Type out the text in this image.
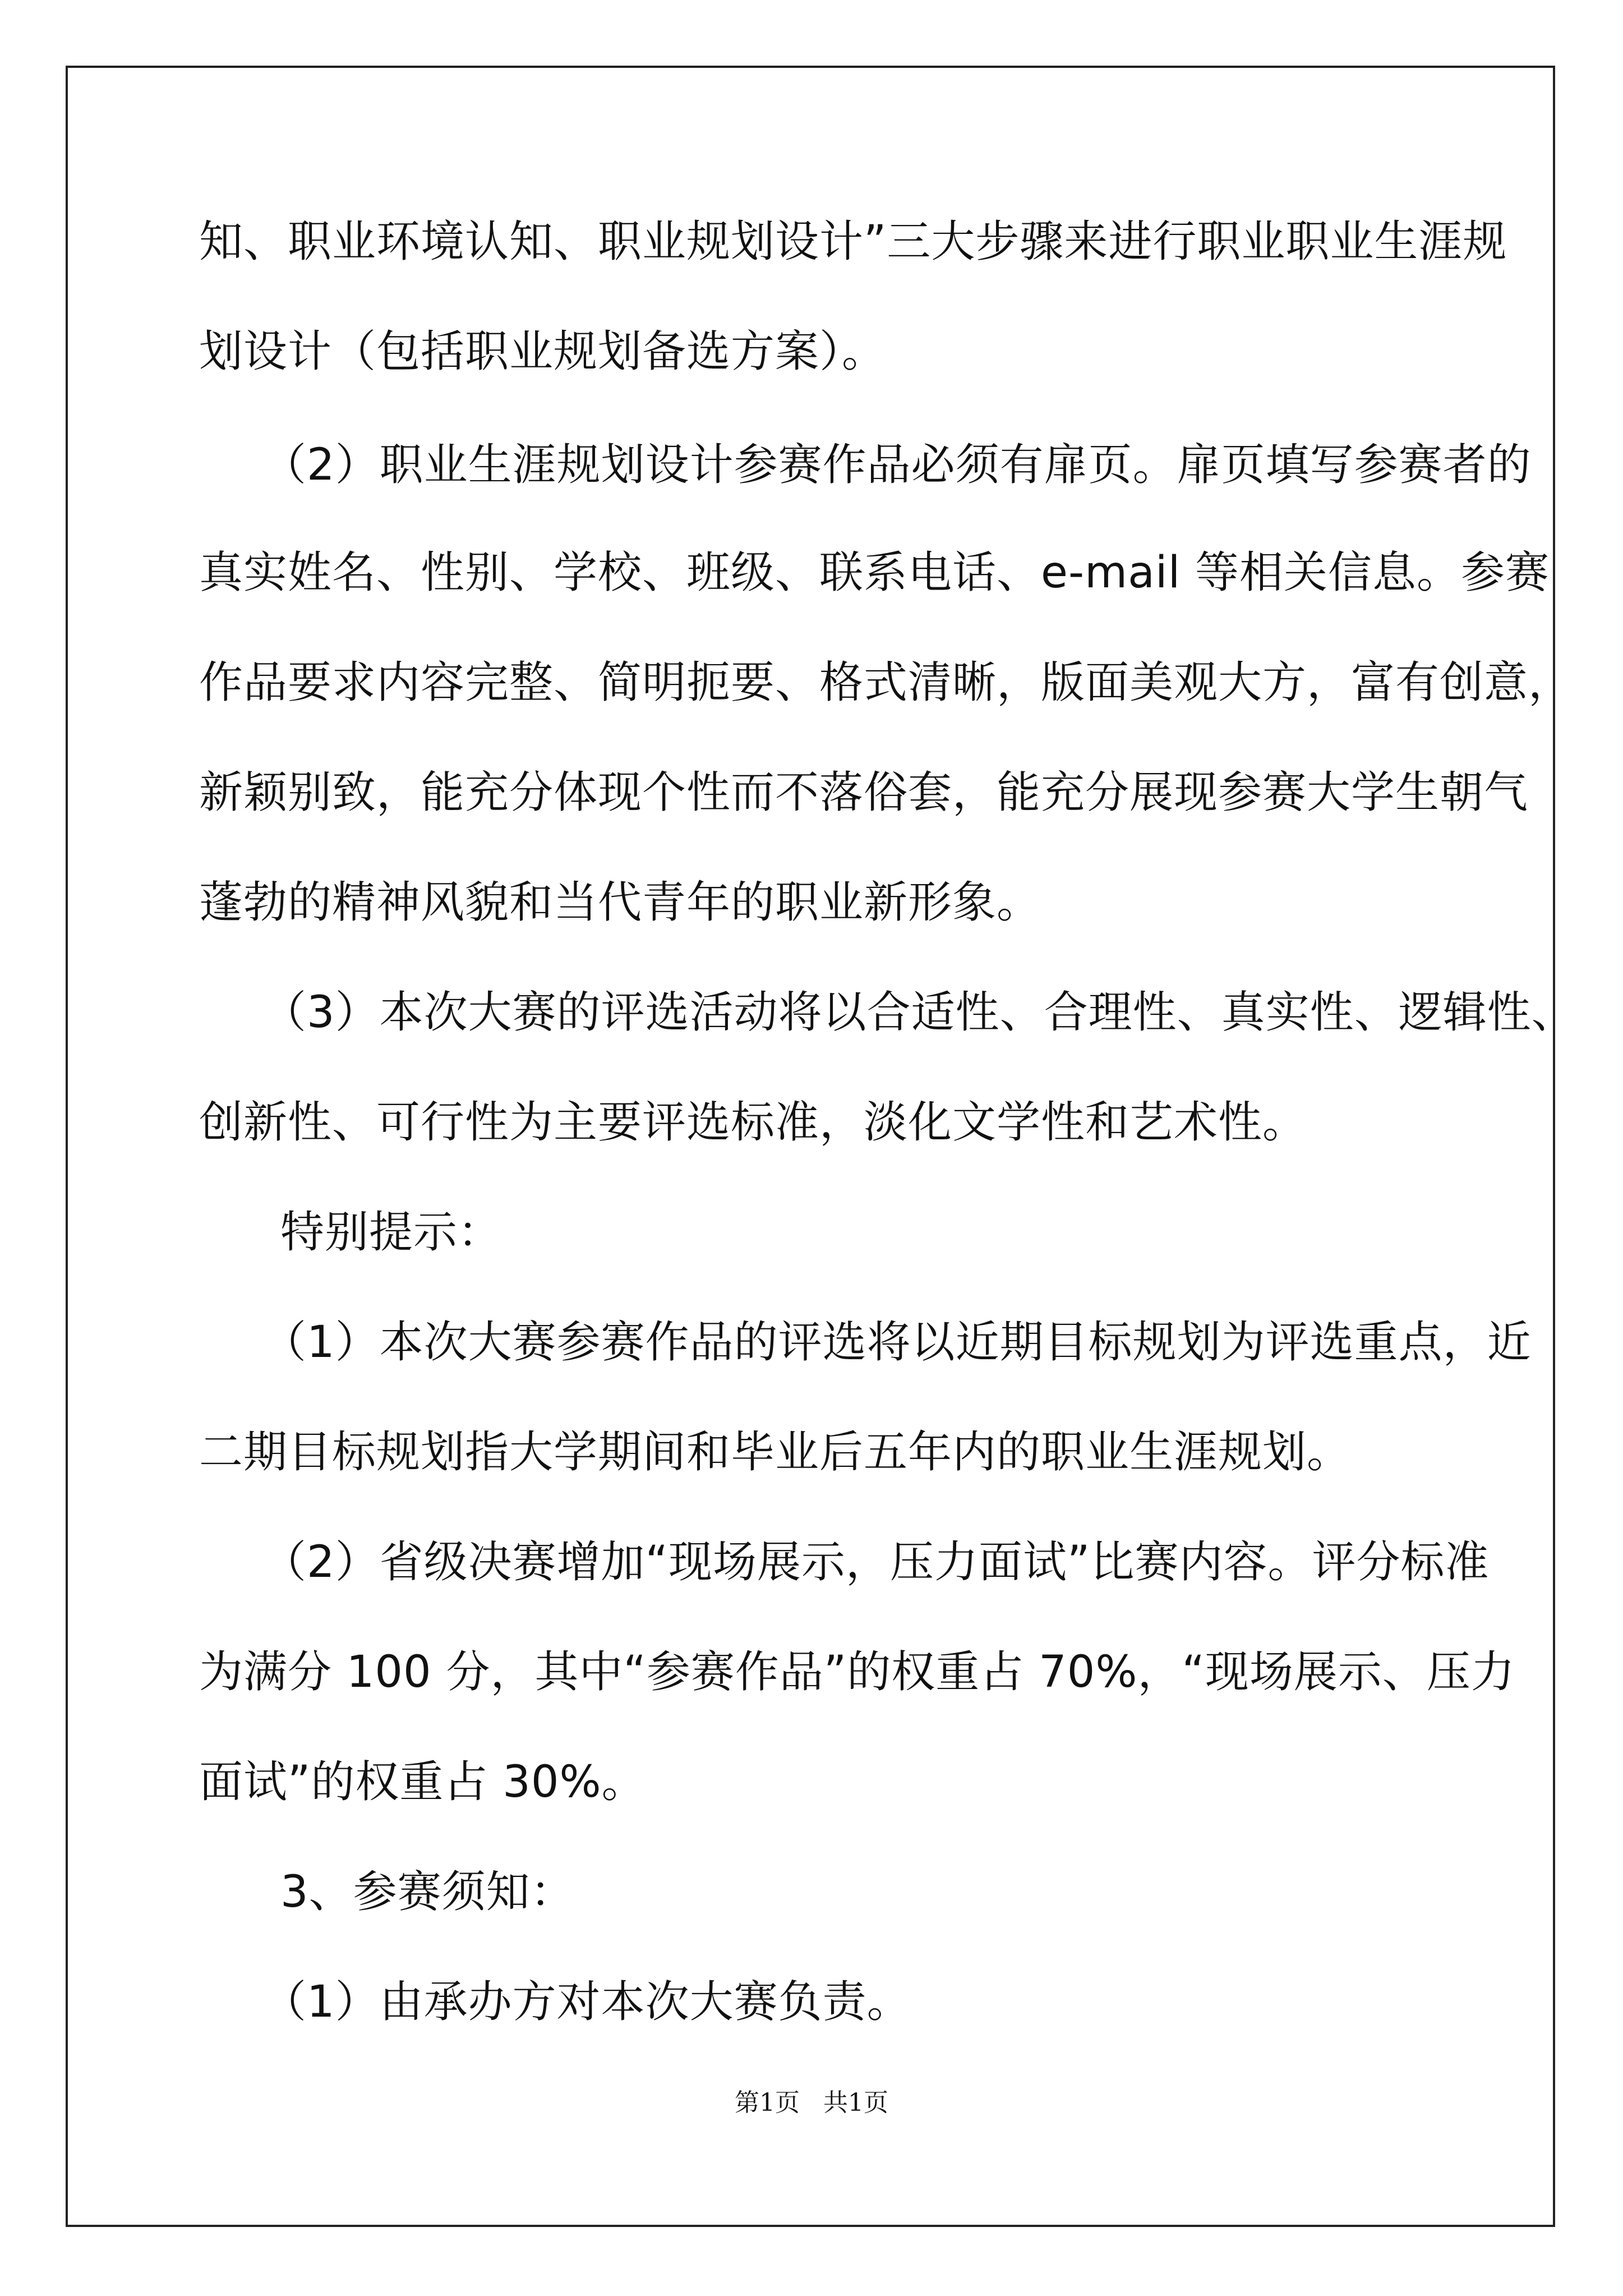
知、职业环境认知、职业规划设计”三大步骤来进行职业职业生涯规
划设计（包括职业规划备选方案）。
（2）职业生涯规划设计参赛作品必须有扉页。扉页填写参赛者的
真实姓名、性别、学校、班级、联系电话、e-mail 等相关信息。参赛
作品要求内容完整、简明扼要、格式清晰，版面美观大方，富有创意，
新颖别致，能充分体现个性而不落俗套，能充分展现参赛大学生朝气
蓬勃的精神风貌和当代青年的职业新形象。
（3）本次大赛的评选活动将以合适性、合理性、真实性、逻辑性、
创新性、可行性为主要评选标准，淡化文学性和艺术性。
特别提示：
（1）本次大赛参赛作品的评选将以近期目标规划为评选重点，近
二期目标规划指大学期间和毕业后五年内的职业生涯规划。
（2）省级决赛增加“现场展示，压力面试”比赛内容。评分标准
为满分 100 分，其中“参赛作品”的权重占 70%，“现场展示、压力
面试”的权重占 30%。
3、参赛须知：
（1）由承办方对本次大赛负责。
第1页   共1页
